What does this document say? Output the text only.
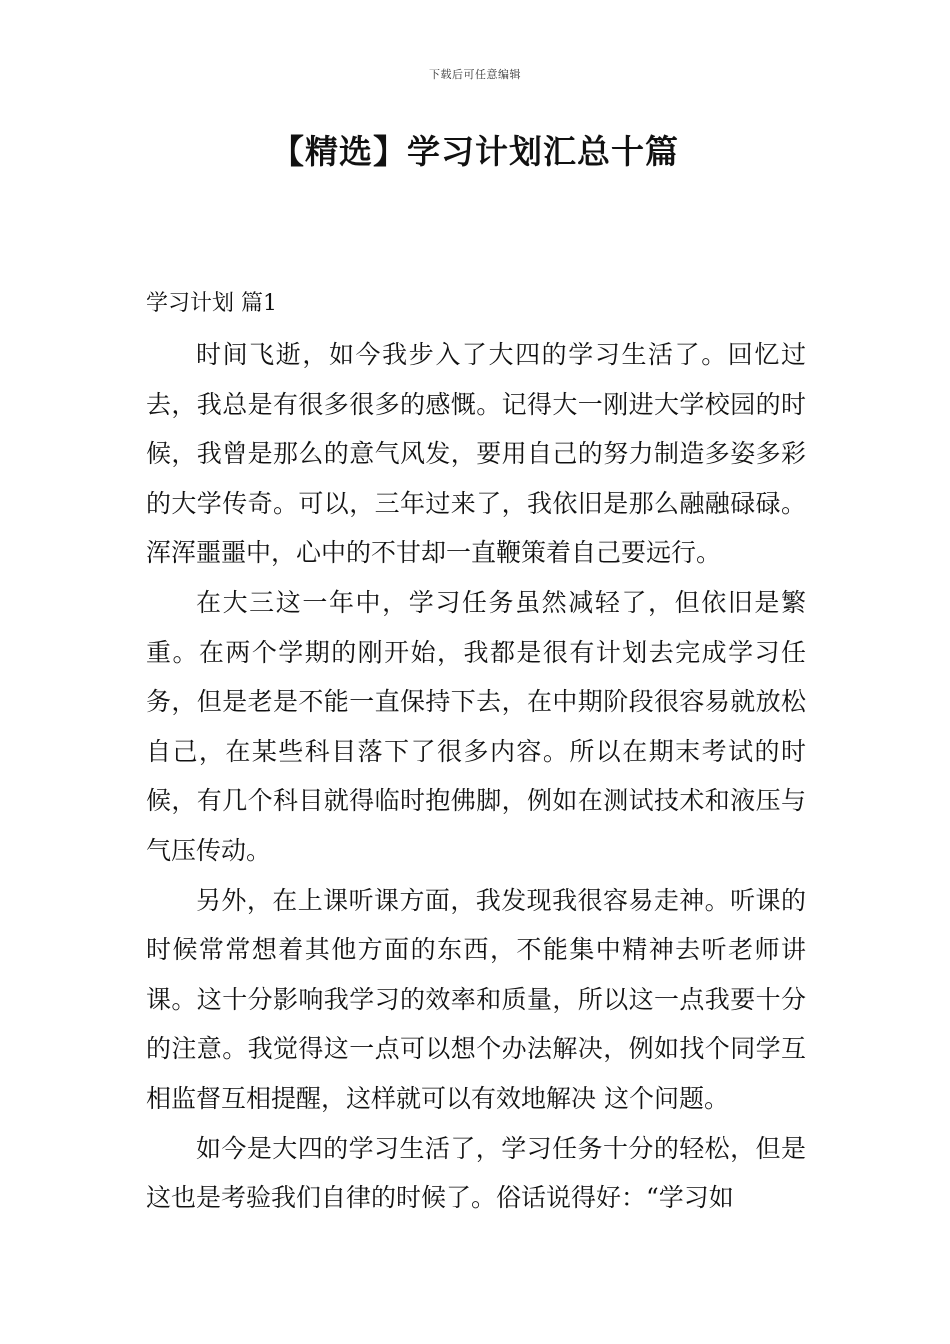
下载后可任意编辑
【精选】学习计划汇总十篇
学习计划 篇1

时间飞逝，如今我步入了大四的学习生活了。回忆过去，我总是有很多很多的感慨。记得大一刚进大学校园的时候，我曾是那么的意气风发，要用自己的努力制造多姿多彩的大学传奇。可以，三年过来了，我依旧是那么融融碌碌。浑浑噩噩中，心中的不甘却一直鞭策着自己要远行。

在大三这一年中，学习任务虽然减轻了，但依旧是繁重。在两个学期的刚开始，我都是很有计划去完成学习任务，但是老是不能一直保持下去，在中期阶段很容易就放松自己，在某些科目落下了很多内容。所以在期末考试的时候，有几个科目就得临时抱佛脚，例如在测试技术和液压与气压传动。

另外，在上课听课方面，我发现我很容易走神。听课的时候常常想着其他方面的东西，不能集中精神去听老师讲课。这十分影响我学习的效率和质量，所以这一点我要十分的注意。我觉得这一点可以想个办法解决，例如找个同学互相监督互相提醒，这样就可以有效地解决 这个问题。

如今是大四的学习生活了，学习任务十分的轻松，但是这也是考验我们自律的时候了。俗话说得好：“学习如
